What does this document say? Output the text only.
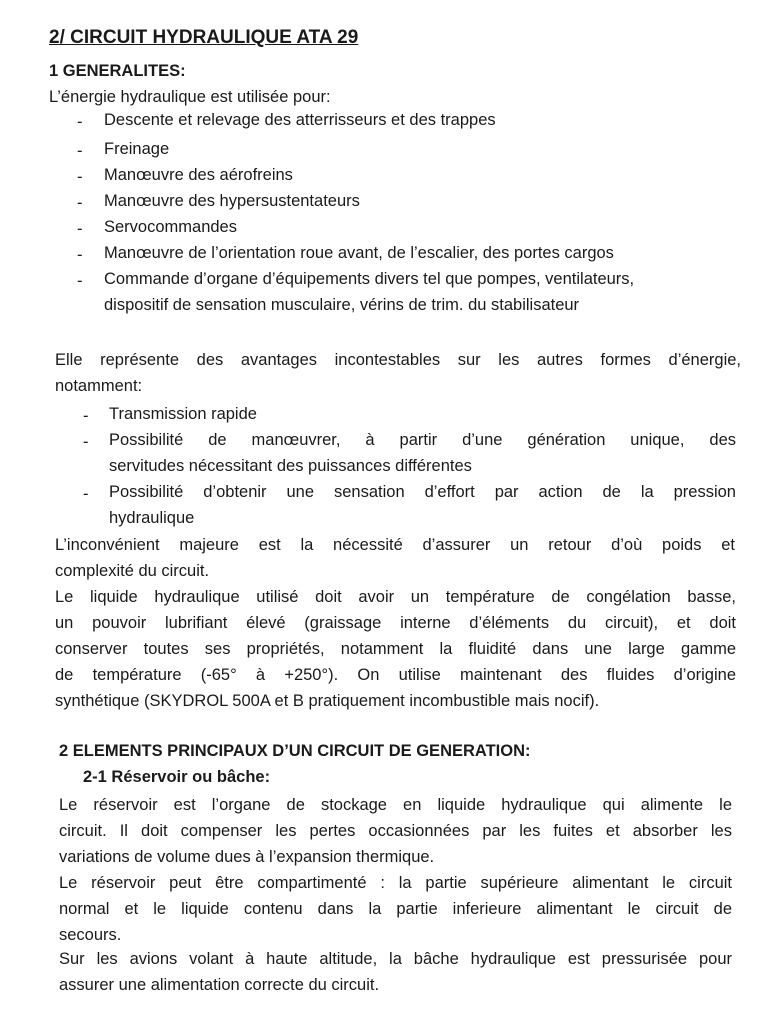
2/ CIRCUIT HYDRAULIQUE ATA 29
1 GENERALITES:
L’énergie hydraulique est utilisée pour:
- Descente et relevage des atterrisseurs et des trappes
- Freinage
- Manœuvre des aérofreins
- Manœuvre des hypersustentateurs
- Servocommandes
- Manœuvre de l’orientation roue avant, de l’escalier, des portes cargos
- Commande d’organe d’équipements divers tel que pompes, ventilateurs,
dispositif de sensation musculaire, vérins de trim. du stabilisateur
Elle représente des avantages incontestables sur les autres formes d’énergie,
notamment:
- Transmission rapide
- Possibilité de manœuvrer, à partir d’une génération unique, des
servitudes nécessitant des puissances différentes
- Possibilité d’obtenir une sensation d’effort par action de la pression
hydraulique
L’inconvénient majeure est la nécessité d’assurer un retour d’où poids et
complexité du circuit.
Le liquide hydraulique utilisé doit avoir un température de congélation basse,
un pouvoir lubrifiant élevé (graissage interne d’éléments du circuit), et doit
conserver toutes ses propriétés, notamment la fluidité dans une large gamme
de température (-65° à +250°). On utilise maintenant des fluides d’origine
synthétique (SKYDROL 500A et B pratiquement incombustible mais nocif).
2 ELEMENTS PRINCIPAUX D’UN CIRCUIT DE GENERATION:
2-1 Réservoir ou bâche:
Le réservoir est l’organe de stockage en liquide hydraulique qui alimente le
circuit. Il doit compenser les pertes occasionnées par les fuites et absorber les
variations de volume dues à l’expansion thermique.
Le réservoir peut être compartimenté : la partie supérieure alimentant le circuit
normal et le liquide contenu dans la partie inferieure alimentant le circuit de
secours.
Sur les avions volant à haute altitude, la bâche hydraulique est pressurisée pour
assurer une alimentation correcte du circuit.
